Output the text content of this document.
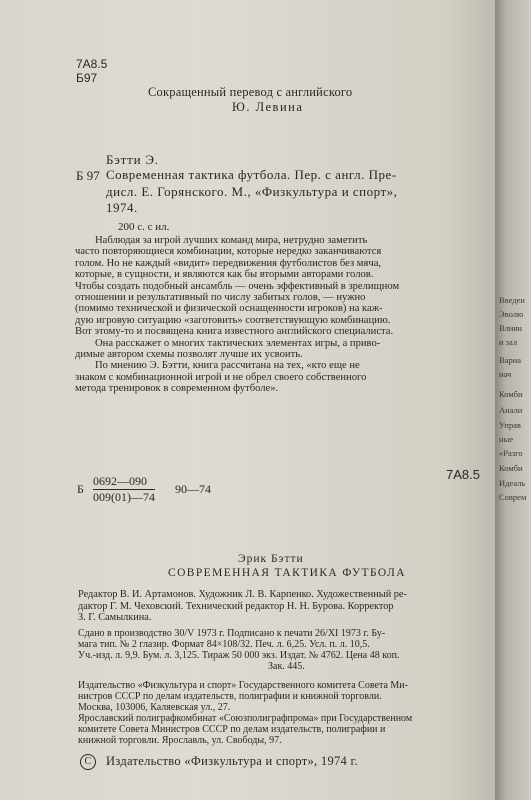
7А8.5
Б97
Сокращенный перевод с английского
Ю. Левина
Бэтти Э.
Б 97 Современная тактика футбола. Пер. с англ. Пре-
дисл. Е. Горянского. М., «Физкультура и спорт»,
1974.
200 с. с ил.
Наблюдая за игрой лучших команд мира, нетрудно заметить
часто повторяющиеся комбинации, которые нередко заканчиваются
голом. Но не каждый «видит» передвижения футболистов без мяча,
которые, в сущности, и являются как бы вторыми авторами голов.
Чтобы создать подобный ансамбль — очень эффективный в зрелищном
отношении и результативный по числу забитых голов, — нужно
(помимо технической и физической оснащенности игроков) на каж-
дую игровую ситуацию «заготовить» соответствующую комбинацию.
Вот этому-то и посвящена книга известного английского специалиста.
Она расскажет о многих тактических элементах игры, а приво-
димые автором схемы позволят лучше их усвоить.
По мнению Э. Бэтти, книга рассчитана на тех, «кто еще не
знаком с комбинационной игрой и не обрел своего собственного
метода тренировок в современном футболе».
Б $\frac{0692—090}{009(01)—74}$ 90—74
7А8.5
Эрик Бэтти
СОВРЕМЕННАЯ ТАКТИКА ФУТБОЛА
Редактор В. И. Артамонов. Художник Л. В. Карпенко. Художественный ре-
дактор Г. М. Чеховский. Технический редактор Н. Н. Бурова. Корректор
З. Г. Самылкина.
Сдано в производство 30/V 1973 г. Подписано к печати 26/XI 1973 г. Бу-
мага тип. № 2 глазир. Формат 84×108/32. Печ. л. 6,25. Усл. п. л. 10,5.
Уч.-изд. л. 9,9. Бум. л. 3,125. Тираж 50 000 экз. Издат. № 4762. Цена 48 коп.
Зак. 445.
Издательство «Физкультура и спорт» Государственного комитета Совета Ми-
нистров СССР по делам издательств, полиграфии и книжной торговли.
Москва, 103006, Каляевская ул., 27.
Ярославский полиграфкомбинат «Союзполиграфпрома» при Государственном
комитете Совета Министров СССР по делам издательств, полиграфии и
книжной торговли. Ярославль, ул. Свободы, 97.
C Издательство «Физкультура и спорт», 1974 г.
Введен
Эволю
Влиян
и зал
Вариа
нач
Комби
Анали
Управ
ные
«Разго
Комби
Идеаль
Соврем
